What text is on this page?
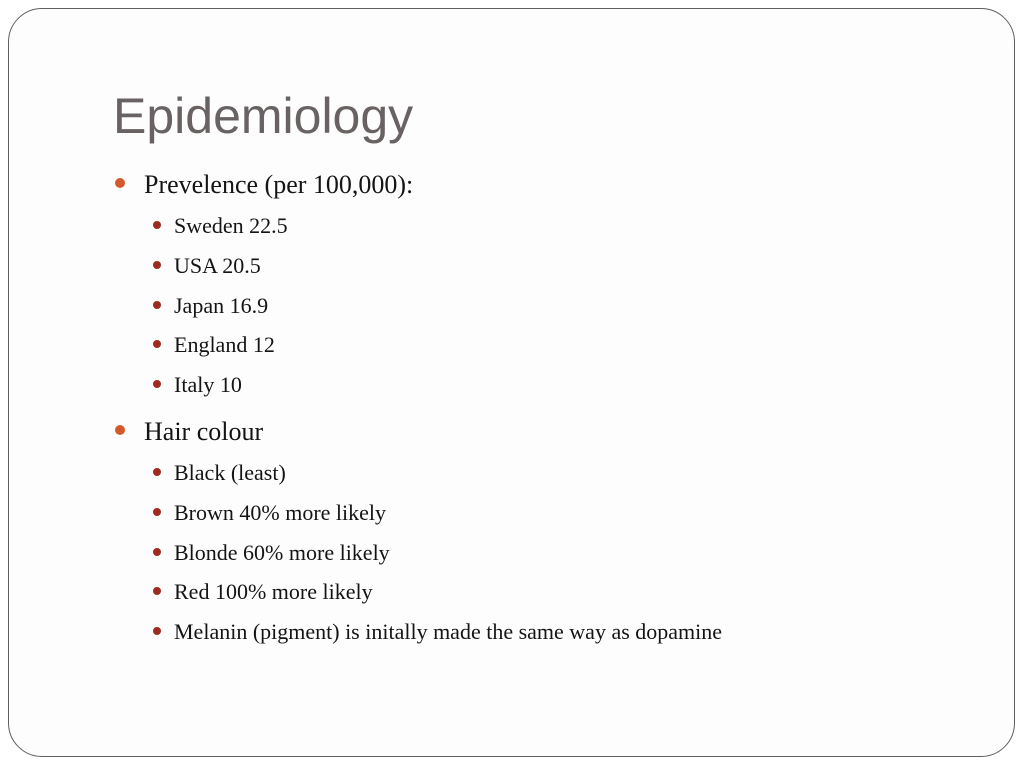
Epidemiology
Prevelence (per 100,000):
Sweden 22.5
USA 20.5
Japan 16.9
England 12
Italy 10
Hair colour
Black (least)
Brown 40% more likely
Blonde 60% more likely
Red 100% more likely
Melanin (pigment) is initally made the same way as dopamine
